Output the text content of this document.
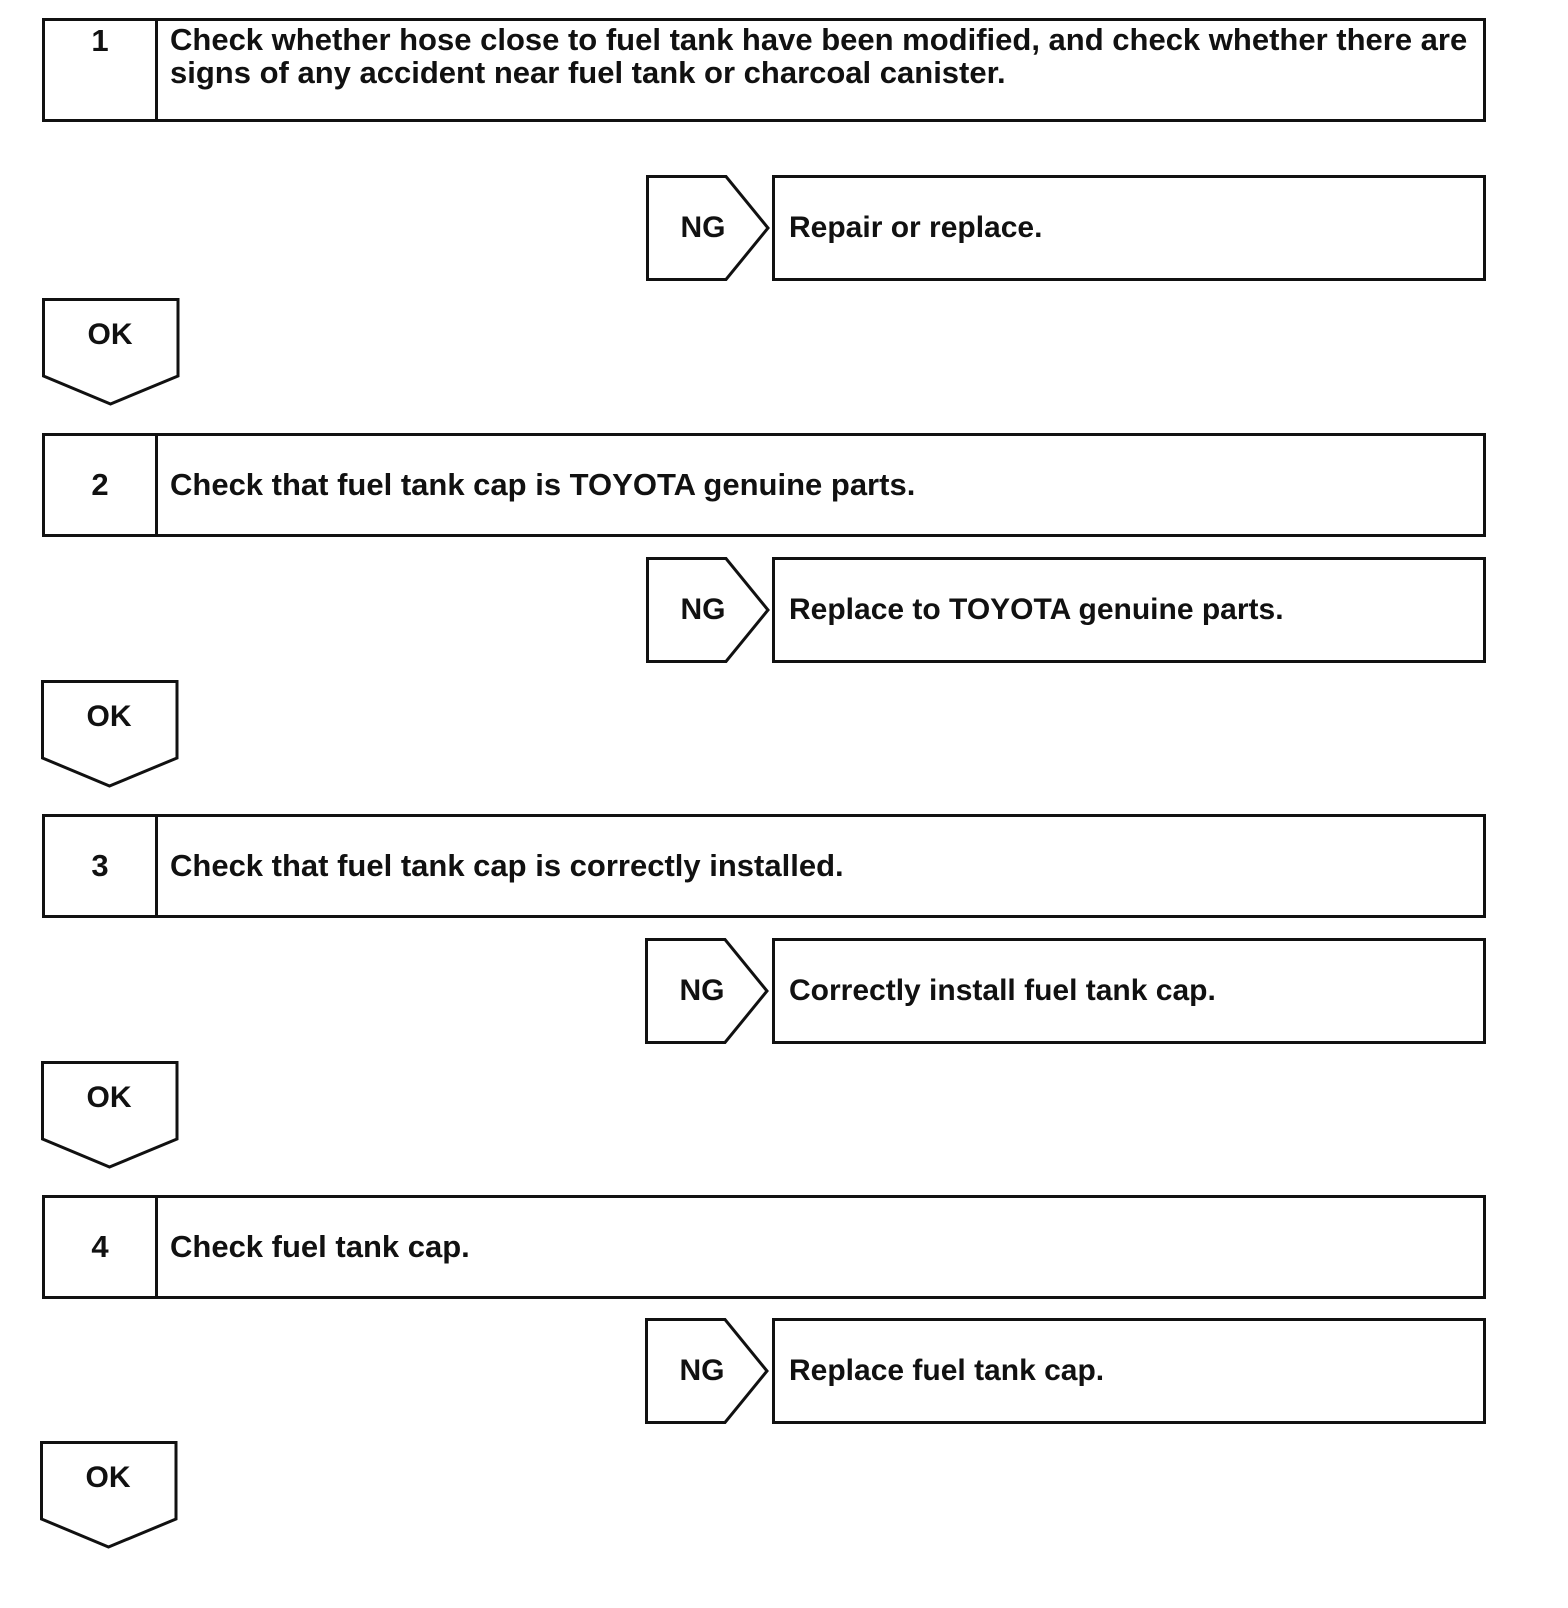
1	Check whether hose close to fuel tank have been modified, and check whether there are signs of any accident near fuel tank or charcoal canister.
NG	Repair or replace.
OK
2	Check that fuel tank cap is TOYOTA genuine parts.
NG	Replace to TOYOTA genuine parts.
OK
3	Check that fuel tank cap is correctly installed.
NG	Correctly install fuel tank cap.
OK
4	Check fuel tank cap.
NG	Replace fuel tank cap.
OK
